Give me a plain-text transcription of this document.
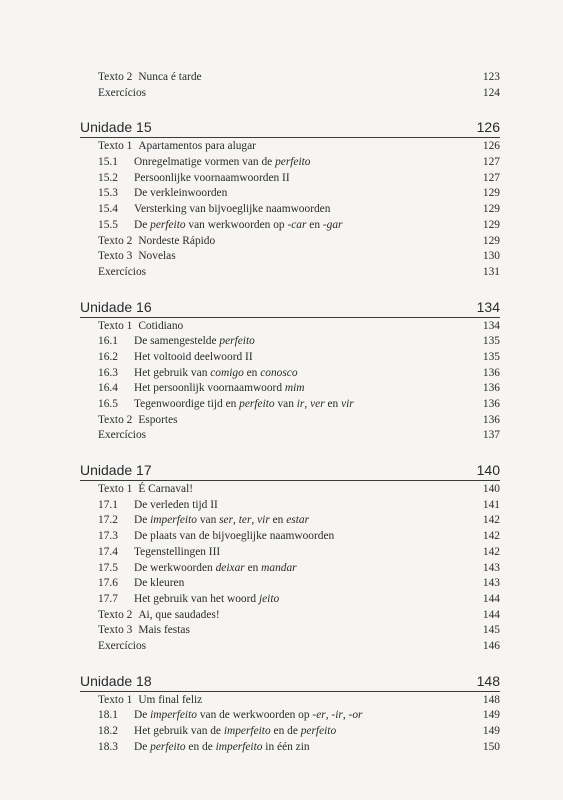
Texto 2 Nunca é tarde	123
Exercícios	124
Unidade 15	126
Texto 1 Apartamentos para alugar	126
15.1	Onregelmatige vormen van de perfeito	127
15.2	Persoonlijke voornaamwoorden II	127
15.3	De verkleinwoorden	129
15.4	Versterking van bijvoeglijke naamwoorden	129
15.5	De perfeito van werkwoorden op -car en -gar	129
Texto 2 Nordeste Rápido	129
Texto 3 Novelas	130
Exercícios	131
Unidade 16	134
Texto 1 Cotidiano	134
16.1	De samengestelde perfeito	135
16.2	Het voltooid deelwoord II	135
16.3	Het gebruik van comigo en conosco	136
16.4	Het persoonlijk voornaamwoord mim	136
16.5	Tegenwoordige tijd en perfeito van ir, ver en vir	136
Texto 2 Esportes	136
Exercícios	137
Unidade 17	140
Texto 1 É Carnaval!	140
17.1	De verleden tijd II	141
17.2	De imperfeito van ser, ter, vir en estar	142
17.3	De plaats van de bijvoeglijke naamwoorden	142
17.4	Tegenstellingen III	142
17.5	De werkwoorden deixar en mandar	143
17.6	De kleuren	143
17.7	Het gebruik van het woord jeito	144
Texto 2 Ai, que saudades!	144
Texto 3 Mais festas	145
Exercícios	146
Unidade 18	148
Texto 1 Um final feliz	148
18.1	De imperfeito van de werkwoorden op -er, -ir, -or	149
18.2	Het gebruik van de imperfeito en de perfeito	149
18.3	De perfeito en de imperfeito in één zin	150
